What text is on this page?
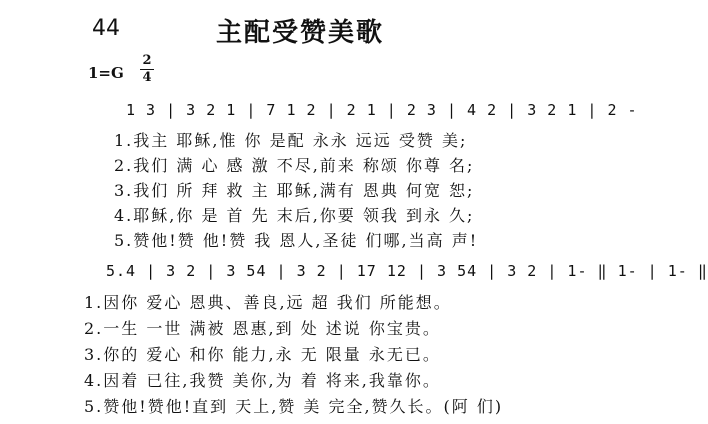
44	主配受赞美歌
1=G
2
4
1 3 | 3 2 1 | 7 1 2 | 2 1 | 2 3 | 4 2 | 3 2 1 | 2 -
1.我主 耶稣,惟 你 是配 永永 远远 受赞 美;
2.我们 满 心 感 激 不尽,前来 称颂 你尊 名;
3.我们 所 拜 救 主 耶稣,满有 恩典 何宽 恕;
4.耶稣,你 是 首 先 末后,你要 领我 到永 久;
5.赞他!赞 他!赞 我 恩人,圣徒 们哪,当高 声!
5.4 | 3 2 | 3 54 | 3 2 | 17 12 | 3 54 | 3 2 | 1- ‖ 1- | 1- ‖
1.因你 爱心 恩典、善良,远 超 我们 所能想。
2.一生 一世 满被 恩惠,到 处 述说 你宝贵。
3.你的 爱心 和你 能力,永 无 限量 永无已。
4.因着 已往,我赞 美你,为 着 将来,我靠你。
5.赞他!赞他!直到 天上,赞 美 完全,赞久长。(阿 们)
